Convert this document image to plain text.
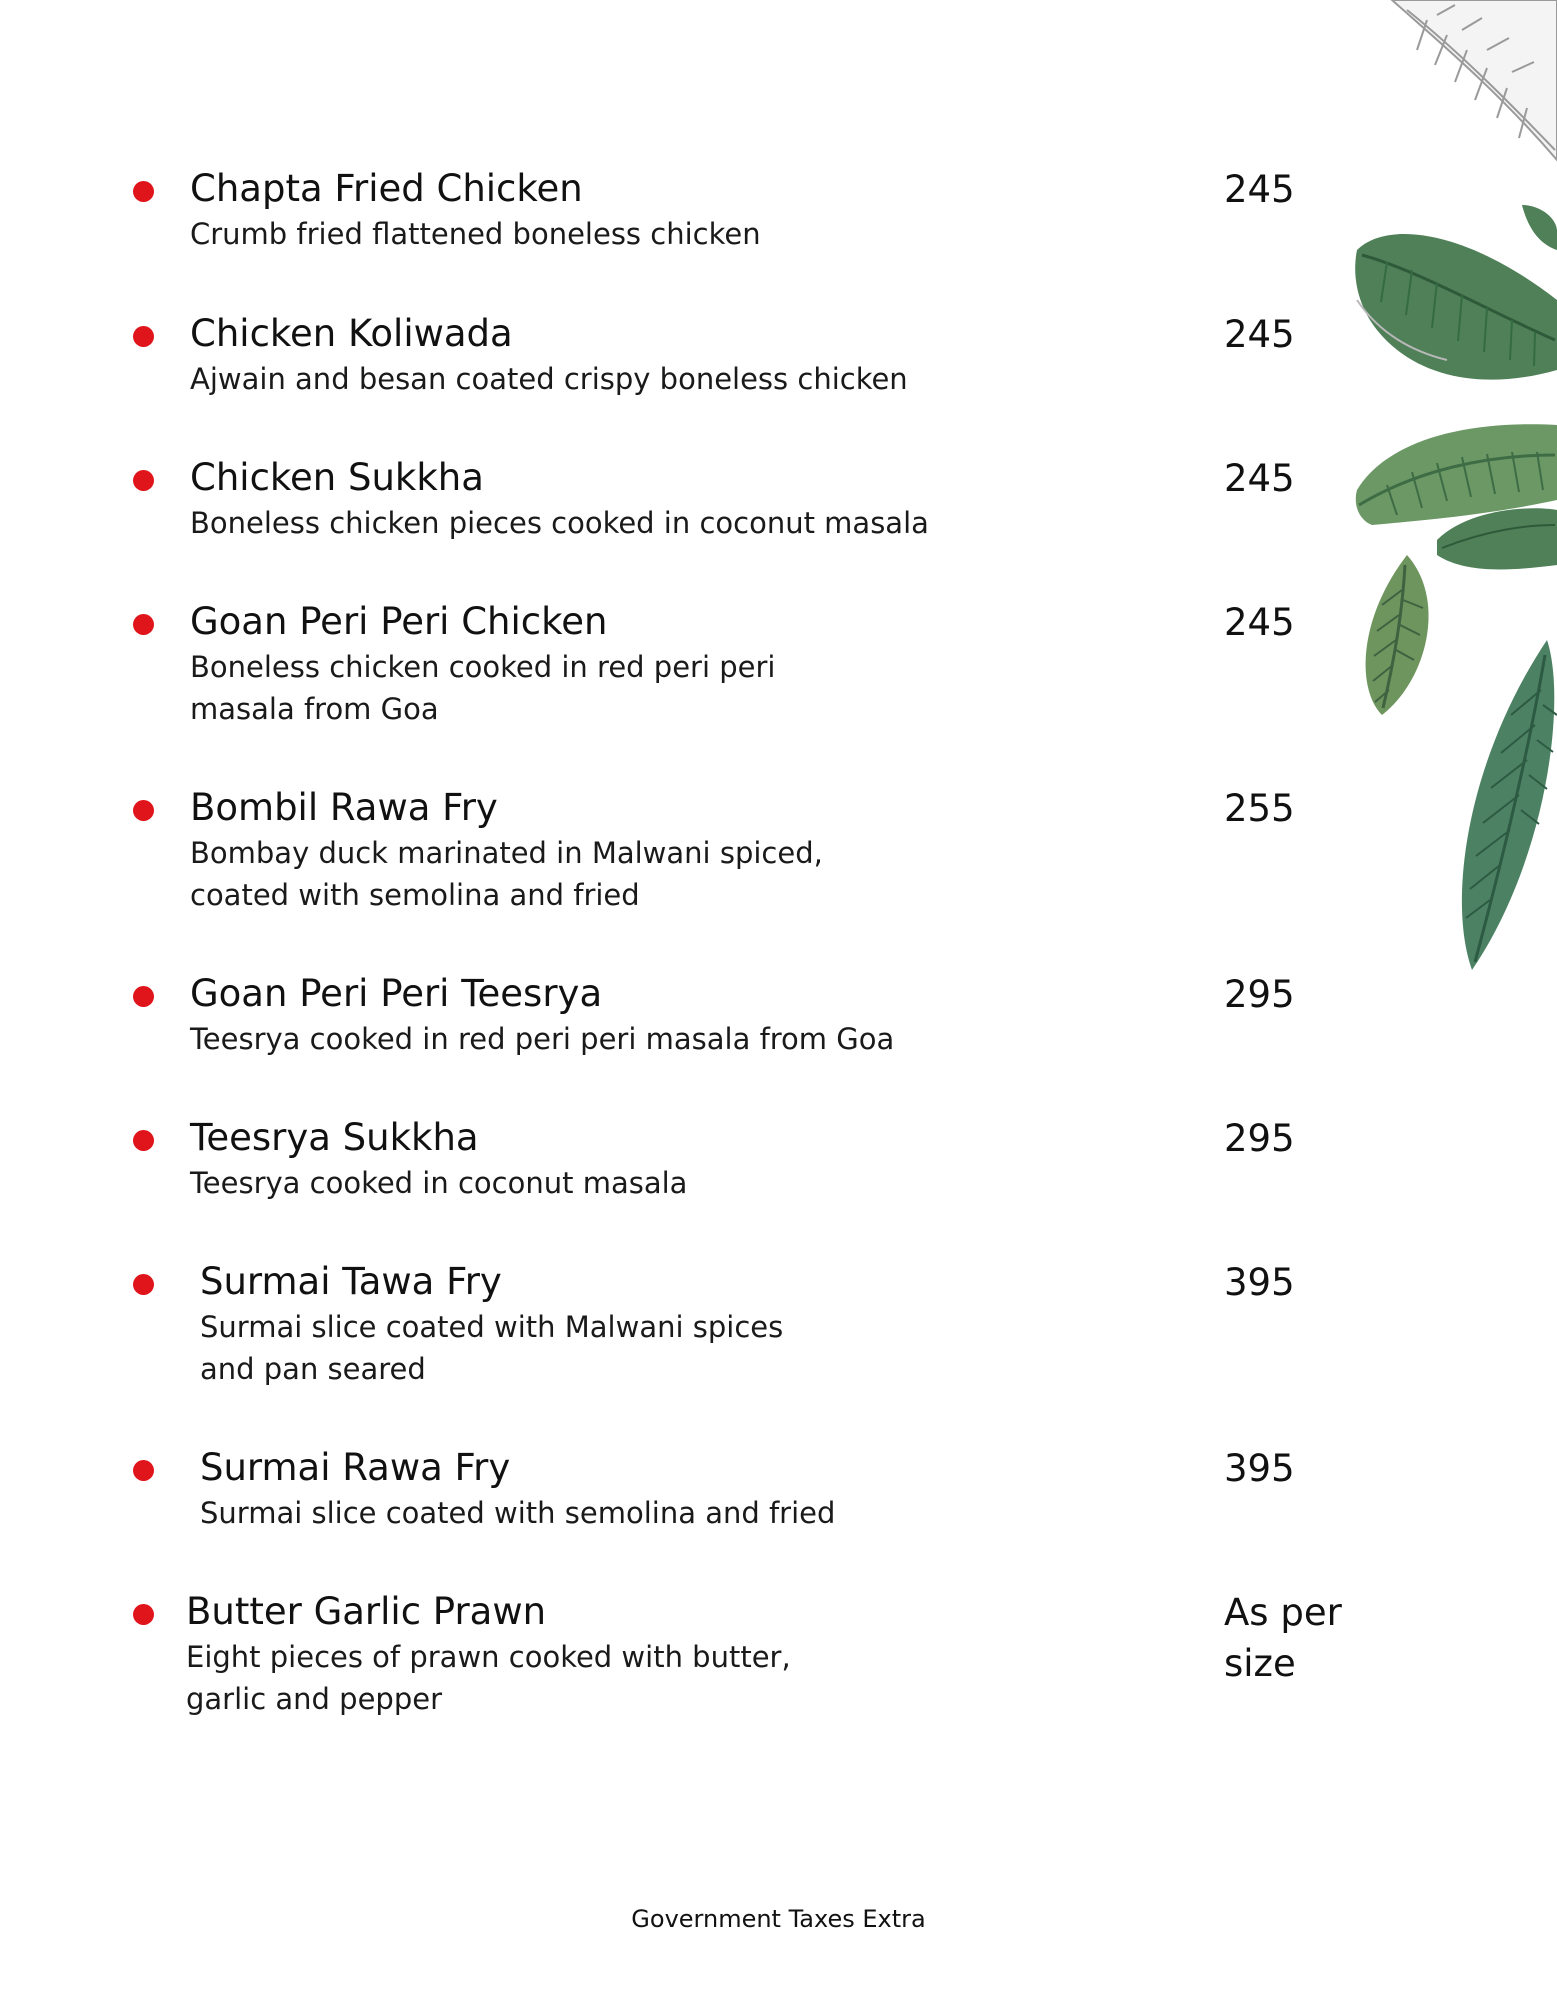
Chapta Fried Chicken

Crumb fried flattened boneless chicken

245

Chicken Koliwada

Ajwain and besan coated crispy boneless chicken

245

Chicken Sukkha

Boneless chicken pieces cooked in coconut masala

245

Goan Peri Peri Chicken

Boneless chicken cooked in red peri peri

masala from Goa

245

Bombil Rawa Fry

Bombay duck marinated in Malwani spiced,

coated with semolina and fried

255

Goan Peri Peri Teesrya

Teesrya cooked in red peri peri masala from Goa

295

Teesrya Sukkha

Teesrya cooked in coconut masala

295

Surmai Tawa Fry

Surmai slice coated with Malwani spices

and pan seared

395

Surmai Rawa Fry

Surmai slice coated with semolina and fried

395

Butter Garlic Prawn

Eight pieces of prawn cooked with butter,

garlic and pepper

As per

size

Government Taxes Extra
